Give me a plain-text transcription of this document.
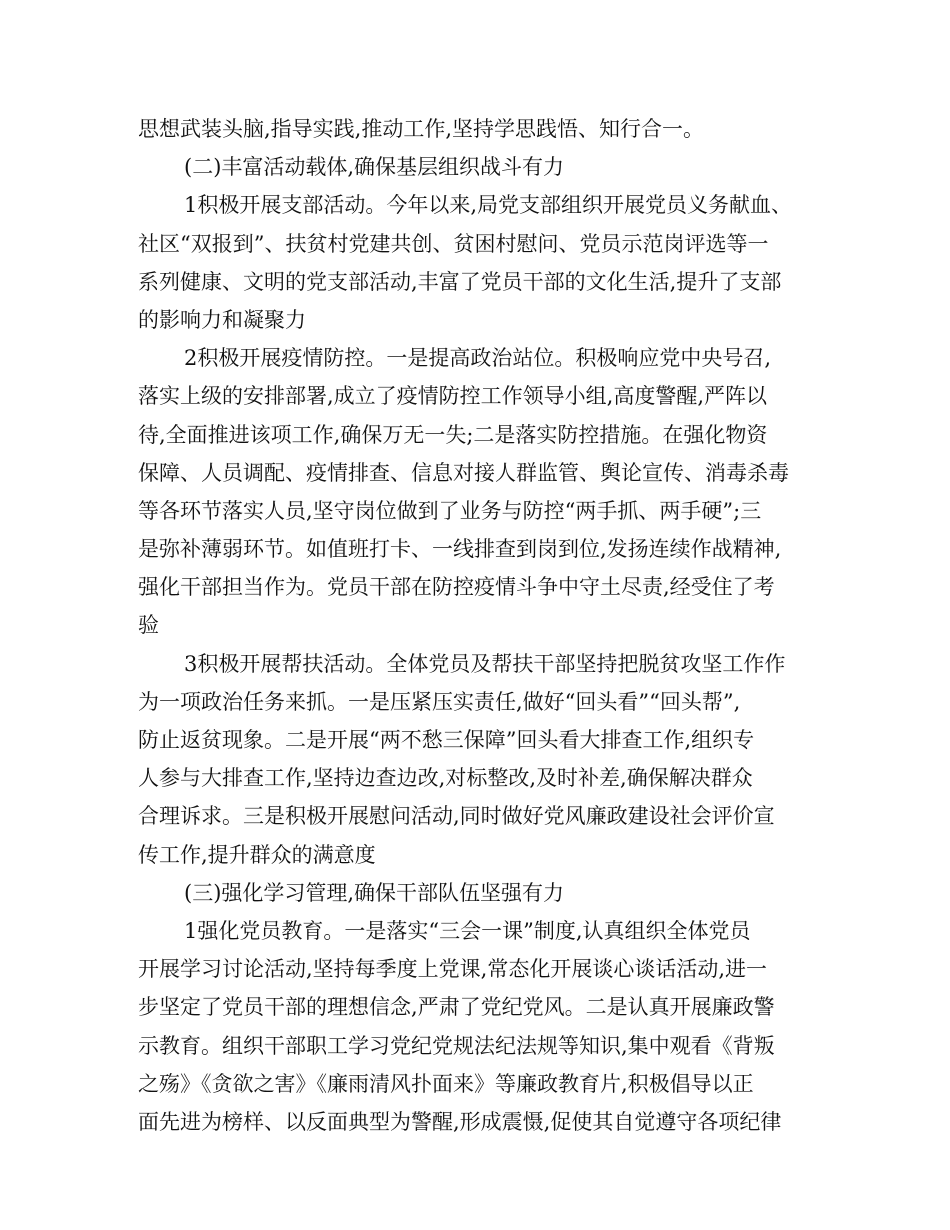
思想武装头脑,指导实践,推动工作,坚持学思践悟、知行合一。
(二)丰富活动载体,确保基层组织战斗有力
1积极开展支部活动。今年以来,局党支部组织开展党员义务献血、
社区“双报到”、扶贫村党建共创、贫困村慰问、党员示范岗评选等一
系列健康、文明的党支部活动,丰富了党员干部的文化生活,提升了支部
的影响力和凝聚力
2积极开展疫情防控。一是提高政治站位。积极响应党中央号召,
落实上级的安排部署,成立了疫情防控工作领导小组,高度警醒,严阵以
待,全面推进该项工作,确保万无一失;二是落实防控措施。在强化物资
保障、人员调配、疫情排查、信息对接人群监管、舆论宣传、消毒杀毒
等各环节落实人员,坚守岗位做到了业务与防控“两手抓、两手硬”;三
是弥补薄弱环节。如值班打卡、一线排查到岗到位,发扬连续作战精神,
强化干部担当作为。党员干部在防控疫情斗争中守土尽责,经受住了考
验
3积极开展帮扶活动。全体党员及帮扶干部坚持把脱贫攻坚工作作
为一项政治任务来抓。一是压紧压实责任,做好“回头看”“回头帮”,
防止返贫现象。二是开展“两不愁三保障”回头看大排查工作,组织专
人参与大排查工作,坚持边查边改,对标整改,及时补差,确保解决群众
合理诉求。三是积极开展慰问活动,同时做好党风廉政建设社会评价宣
传工作,提升群众的满意度
(三)强化学习管理,确保干部队伍坚强有力
1强化党员教育。一是落实“三会一课”制度,认真组织全体党员
开展学习讨论活动,坚持每季度上党课,常态化开展谈心谈话活动,进一
步坚定了党员干部的理想信念,严肃了党纪党风。二是认真开展廉政警
示教育。组织干部职工学习党纪党规法纪法规等知识,集中观看《背叛
之殇》《贪欲之害》《廉雨清风扑面来》等廉政教育片,积极倡导以正
面先进为榜样、以反面典型为警醒,形成震慑,促使其自觉遵守各项纪律
